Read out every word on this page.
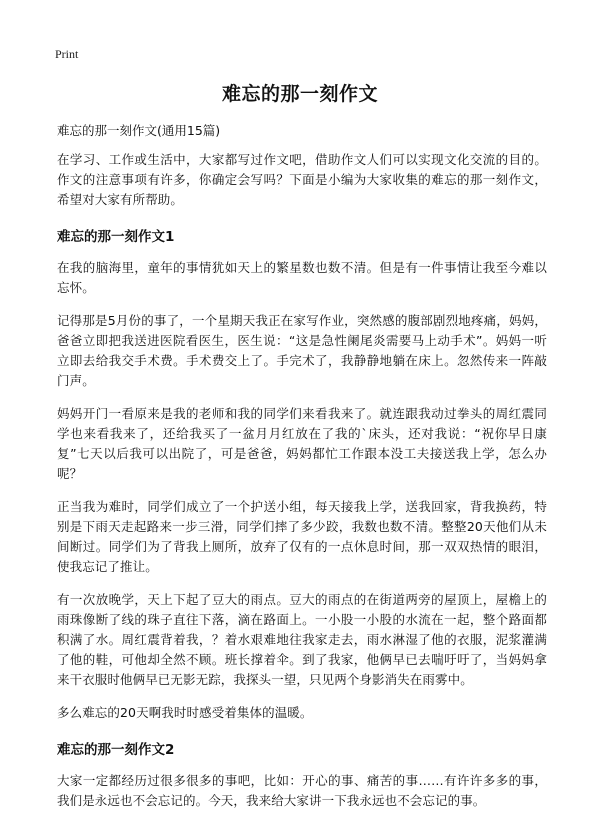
Print
难忘的那一刻作文

难忘的那一刻作文(通用15篇)

在学习、工作或生活中，大家都写过作文吧，借助作文人们可以实现文化交流的目的。作文的注意事项有许多，你确定会写吗？下面是小编为大家收集的难忘的那一刻作文，希望对大家有所帮助。

难忘的那一刻作文1

在我的脑海里，童年的事情犹如天上的繁星数也数不清。但是有一件事情让我至今难以忘怀。

记得那是5月份的事了，一个星期天我正在家写作业，突然感的腹部剧烈地疼痛，妈妈，爸爸立即把我送进医院看医生，医生说：“这是急性阑尾炎需要马上动手术”。妈妈一听立即去给我交手术费。手术费交上了。手完术了，我静静地躺在床上。忽然传来一阵敲门声。

妈妈开门一看原来是我的老师和我的同学们来看我来了。就连跟我动过拳头的周红震同学也来看我来了，还给我买了一盆月月红放在了我的`床头，还对我说：“祝你早日康复”七天以后我可以出院了，可是爸爸，妈妈都忙工作跟本没工夫接送我上学，怎么办呢？

正当我为难时，同学们成立了一个护送小组，每天接我上学，送我回家，背我换药，特别是下雨天走起路来一步三滑，同学们摔了多少跤，我数也数不清。整整20天他们从未间断过。同学们为了背我上厕所，放弃了仅有的一点休息时间，那一双双热情的眼泪，使我忘记了推让。

有一次放晚学，天上下起了豆大的雨点。豆大的雨点的在街道两旁的屋顶上，屋檐上的雨珠像断了线的珠子直往下落，滴在路面上。一小股一小股的水流在一起，整个路面都积满了水。周红震背着我，？着水艰难地往我家走去，雨水淋湿了他的衣服，泥浆灌满了他的鞋，可他却全然不顾。班长撑着伞。到了我家，他俩早已去喘吁吁了，当妈妈拿来干衣服时他俩早已无影无踪，我探头一望，只见两个身影消失在雨雾中。

多么难忘的20天啊我时时感受着集体的温暖。

难忘的那一刻作文2

大家一定都经历过很多很多的事吧，比如：开心的事、痛苦的事……有许许多多的事，我们是永远也不会忘记的。今天，我来给大家讲一下我永远也不会忘记的事。
